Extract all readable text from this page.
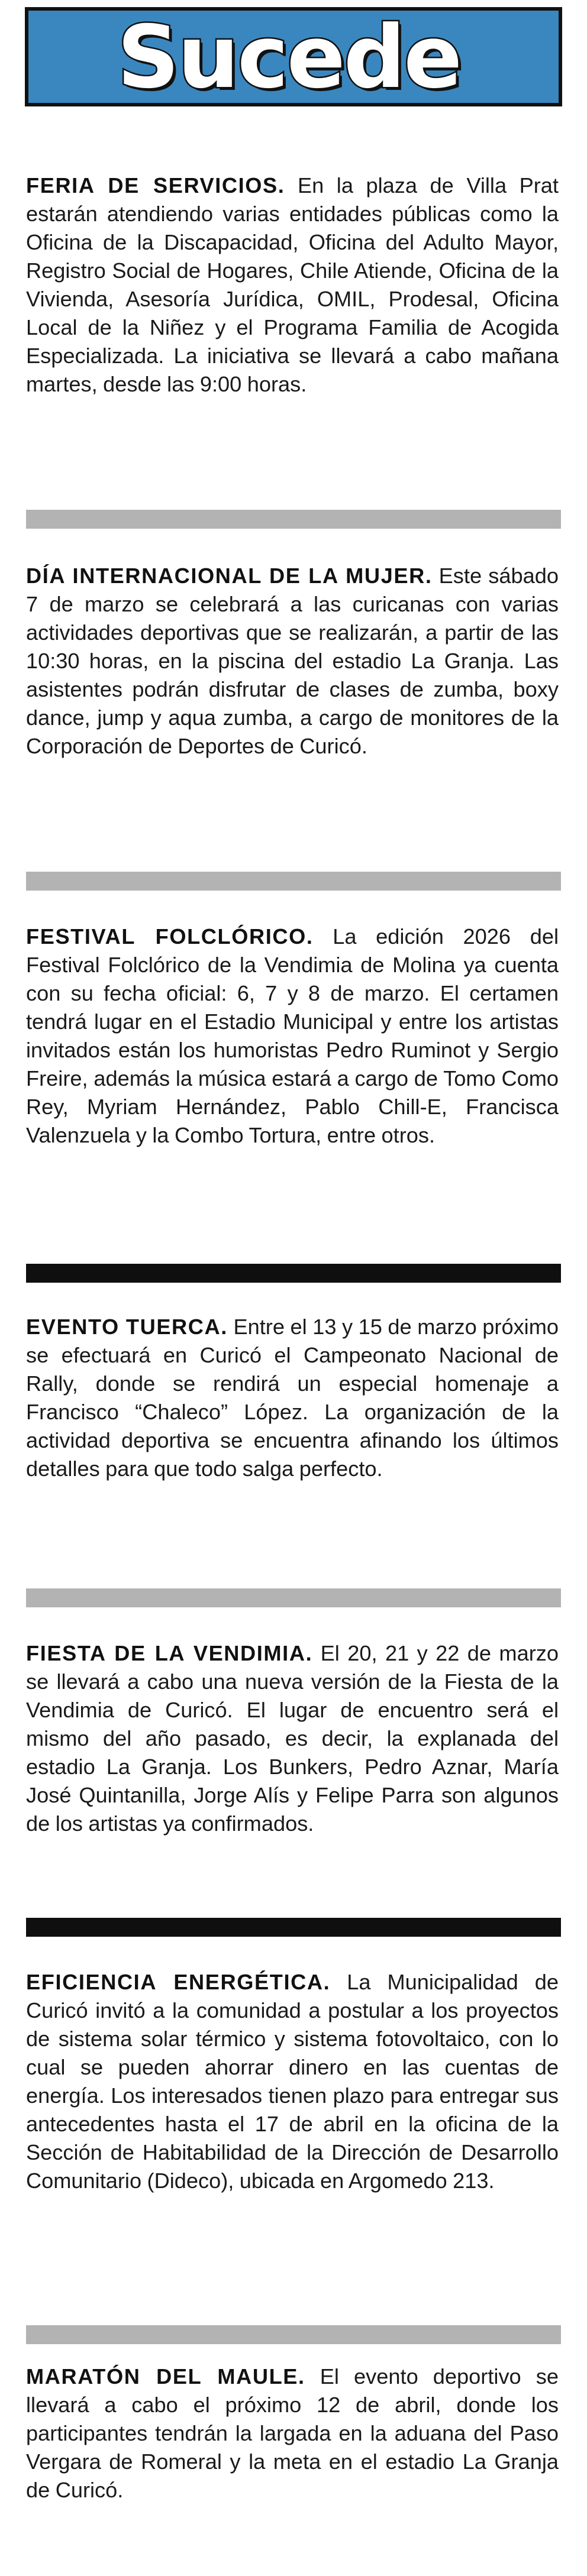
Sucede

FERIA DE SERVICIOS. En la plaza de Villa Prat estarán atendiendo varias entidades públicas como la Oficina de la Discapacidad, Oficina del Adulto Mayor, Registro Social de Hogares, Chile Atiende, Oficina de la Vivienda, Asesoría Jurídica, OMIL, Prodesal, Oficina Local de la Niñez y el Programa Familia de Acogida Especializada. La iniciativa se llevará a cabo mañana martes, desde las 9:00 horas.

DÍA INTERNACIONAL DE LA MUJER. Este sábado 7 de marzo se celebrará a las curicanas con varias actividades deportivas que se realizarán, a partir de las 10:30 horas, en la piscina del estadio La Granja. Las asistentes podrán disfrutar de clases de zumba, boxy dance, jump y aqua zumba, a cargo de monitores de la Corporación de Deportes de Curicó.

FESTIVAL FOLCLÓRICO. La edición 2026 del Festival Folclórico de la Vendimia de Molina ya cuenta con su fecha oficial: 6, 7 y 8 de marzo. El certamen tendrá lugar en el Estadio Municipal y entre los artistas invitados están los humoristas Pedro Ruminot y Sergio Freire, además la música estará a cargo de Tomo Como Rey, Myriam Hernández, Pablo Chill-E, Francisca Valenzuela y la Combo Tortura, entre otros.

EVENTO TUERCA. Entre el 13 y 15 de marzo próximo se efectuará en Curicó el Campeonato Nacional de Rally, donde se rendirá un especial homenaje a Francisco “Chaleco” López. La organización de la actividad deportiva se encuentra afinando los últimos detalles para que todo salga perfecto.

FIESTA DE LA VENDIMIA. El 20, 21 y 22 de marzo se llevará a cabo una nueva versión de la Fiesta de la Vendimia de Curicó. El lugar de encuentro será el mismo del año pasado, es decir, la explanada del estadio La Granja. Los Bunkers, Pedro Aznar, María José Quintanilla, Jorge Alís y Felipe Parra son algunos de los artistas ya confirmados.

EFICIENCIA ENERGÉTICA. La Municipalidad de Curicó invitó a la comunidad a postular a los proyectos de sistema solar térmico y sistema fotovoltaico, con lo cual se pueden ahorrar dinero en las cuentas de energía. Los interesados tienen plazo para entregar sus antecedentes hasta el 17 de abril en la oficina de la Sección de Habitabilidad de la Dirección de Desarrollo Comunitario (Dideco), ubicada en Argomedo 213.

MARATÓN DEL MAULE. El evento deportivo se llevará a cabo el próximo 12 de abril, donde los participantes tendrán la largada en la aduana del Paso Vergara de Romeral y la meta en el estadio La Granja de Curicó.
